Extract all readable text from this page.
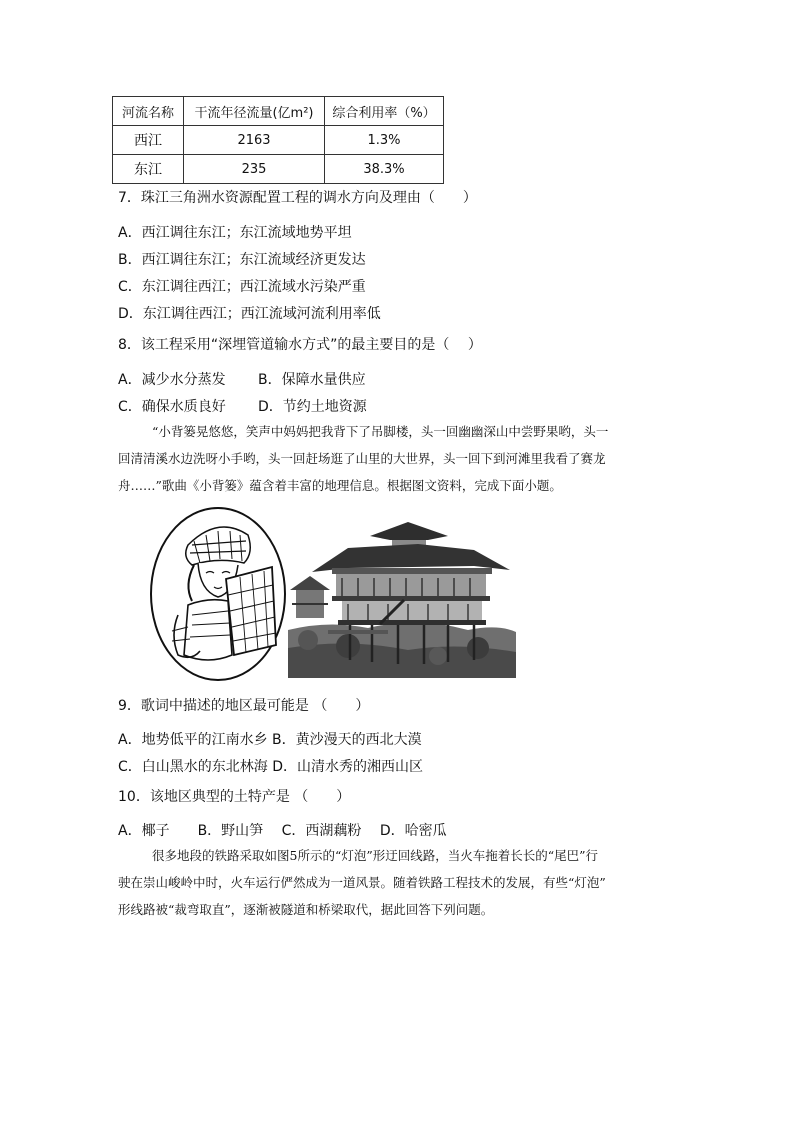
河流名称	干流年径流量(亿m²)	综合利用率（%）
西江	2163	1.3%
东江	235	38.3%
7．珠江三角洲水资源配置工程的调水方向及理由（　　）
A．西江调往东江；东江流域地势平坦
B．西江调往东江；东江流域经济更发达
C．东江调往西江；西江流域水污染严重
D．东江调往西江；西江流域河流利用率低
8．该工程采用“深埋管道输水方式”的最主要目的是（　 ）
A．减少水分蒸发 B．保障水量供应
C．确保水质良好 D．节约土地资源
“小背篓晃悠悠，笑声中妈妈把我背下了吊脚楼，头一回幽幽深山中尝野果哟，头一
回清清溪水边洗呀小手哟，头一回赶场逛了山里的大世界，头一回下到河滩里我看了赛龙
舟……”歌曲《小背篓》蕴含着丰富的地理信息。根据图文资料，完成下面小题。
9．歌词中描述的地区最可能是 （　　）
A．地势低平的江南水乡 B．黄沙漫天的西北大漠
C．白山黑水的东北林海 D．山清水秀的湘西山区
10．该地区典型的土特产是 （　　）
A．椰子　　B．野山笋　 C．西湖藕粉　 D．哈密瓜
很多地段的铁路采取如图5所示的“灯泡”形迂回线路，当火车拖着长长的“尾巴”行
驶在崇山峻岭中时，火车运行俨然成为一道风景。随着铁路工程技术的发展，有些“灯泡”
形线路被“裁弯取直”，逐渐被隧道和桥梁取代，据此回答下列问题。
